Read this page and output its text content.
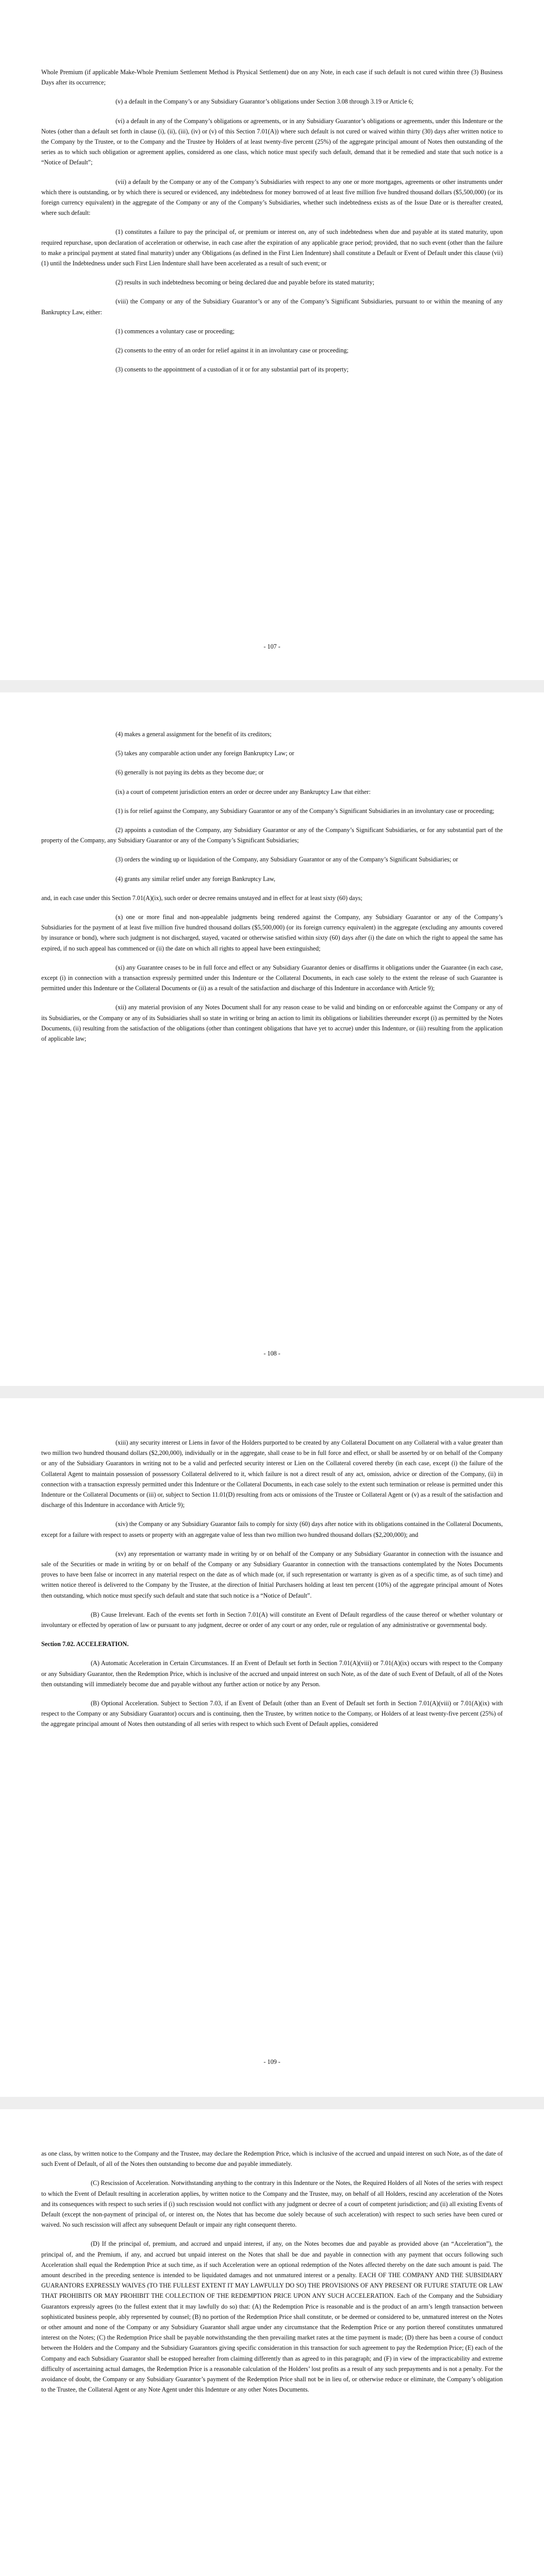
Whole Premium (if applicable Make-Whole Premium Settlement Method is Physical Settlement) due on any Note, in each case if such default is not cured within three (3) Business Days after its occurrence;

(v) a default in the Company’s or any Subsidiary Guarantor’s obligations under Section 3.08 through 3.19 or Article 6;

(vi) a default in any of the Company’s obligations or agreements, or in any Subsidiary Guarantor’s obligations or agreements, under this Indenture or the Notes (other than a default set forth in clause (i), (ii), (iii), (iv) or (v) of this Section 7.01(A)) where such default is not cured or waived within thirty (30) days after written notice to the Company by the Trustee, or to the Company and the Trustee by Holders of at least twenty-five percent (25%) of the aggregate principal amount of Notes then outstanding of the series as to which such obligation or agreement applies, considered as one class, which notice must specify such default, demand that it be remedied and state that such notice is a “Notice of Default”;

(vii) a default by the Company or any of the Company’s Subsidiaries with respect to any one or more mortgages, agreements or other instruments under which there is outstanding, or by which there is secured or evidenced, any indebtedness for money borrowed of at least five million five hundred thousand dollars ($5,500,000) (or its foreign currency equivalent) in the aggregate of the Company or any of the Company’s Subsidiaries, whether such indebtedness exists as of the Issue Date or is thereafter created, where such default:

(1) constitutes a failure to pay the principal of, or premium or interest on, any of such indebtedness when due and payable at its stated maturity, upon required repurchase, upon declaration of acceleration or otherwise, in each case after the expiration of any applicable grace period; provided, that no such event (other than the failure to make a principal payment at stated final maturity) under any Obligations (as defined in the First Lien Indenture) shall constitute a Default or Event of Default under this clause (vii)(1) until the Indebtedness under such First Lien Indenture shall have been accelerated as a result of such event; or

(2) results in such indebtedness becoming or being declared due and payable before its stated maturity;

(viii) the Company or any of the Subsidiary Guarantor’s or any of the Company’s Significant Subsidiaries, pursuant to or within the meaning of any Bankruptcy Law, either:

(1) commences a voluntary case or proceeding;

(2) consents to the entry of an order for relief against it in an involuntary case or proceeding;

(3) consents to the appointment of a custodian of it or for any substantial part of its property;

- 107 -

(4) makes a general assignment for the benefit of its creditors;

(5) takes any comparable action under any foreign Bankruptcy Law; or

(6) generally is not paying its debts as they become due; or

(ix) a court of competent jurisdiction enters an order or decree under any Bankruptcy Law that either:

(1) is for relief against the Company, any Subsidiary Guarantor or any of the Company’s Significant Subsidiaries in an involuntary case or proceeding;

(2) appoints a custodian of the Company, any Subsidiary Guarantor or any of the Company’s Significant Subsidiaries, or for any substantial part of the property of the Company, any Subsidiary Guarantor or any of the Company’s Significant Subsidiaries;

(3) orders the winding up or liquidation of the Company, any Subsidiary Guarantor or any of the Company’s Significant Subsidiaries; or

(4) grants any similar relief under any foreign Bankruptcy Law,

and, in each case under this Section 7.01(A)(ix), such order or decree remains unstayed and in effect for at least sixty (60) days;

(x) one or more final and non-appealable judgments being rendered against the Company, any Subsidiary Guarantor or any of the Company’s Subsidiaries for the payment of at least five million five hundred thousand dollars ($5,500,000) (or its foreign currency equivalent) in the aggregate (excluding any amounts covered by insurance or bond), where such judgment is not discharged, stayed, vacated or otherwise satisfied within sixty (60) days after (i) the date on which the right to appeal the same has expired, if no such appeal has commenced or (ii) the date on which all rights to appeal have been extinguished;

(xi) any Guarantee ceases to be in full force and effect or any Subsidiary Guarantor denies or disaffirms it obligations under the Guarantee (in each case, except (i) in connection with a transaction expressly permitted under this Indenture or the Collateral Documents, in each case solely to the extent the release of such Guarantee is permitted under this Indenture or the Collateral Documents or (ii) as a result of the satisfaction and discharge of this Indenture in accordance with Article 9);

(xii) any material provision of any Notes Document shall for any reason cease to be valid and binding on or enforceable against the Company or any of its Subsidiaries, or the Company or any of its Subsidiaries shall so state in writing or bring an action to limit its obligations or liabilities thereunder except (i) as permitted by the Notes Documents, (ii) resulting from the satisfaction of the obligations (other than contingent obligations that have yet to accrue) under this Indenture, or (iii) resulting from the application of applicable law;

- 108 -

(xiii) any security interest or Liens in favor of the Holders purported to be created by any Collateral Document on any Collateral with a value greater than two million two hundred thousand dollars ($2,200,000), individually or in the aggregate, shall cease to be in full force and effect, or shall be asserted by or on behalf of the Company or any of the Subsidiary Guarantors in writing not to be a valid and perfected security interest or Lien on the Collateral covered thereby (in each case, except (i) the failure of the Collateral Agent to maintain possession of possessory Collateral delivered to it, which failure is not a direct result of any act, omission, advice or direction of the Company, (ii) in connection with a transaction expressly permitted under this Indenture or the Collateral Documents, in each case solely to the extent such termination or release is permitted under this Indenture or the Collateral Documents or (iii) or, subject to Section 11.01(D) resulting from acts or omissions of the Trustee or Collateral Agent or (v) as a result of the satisfaction and discharge of this Indenture in accordance with Article 9);

(xiv) the Company or any Subsidiary Guarantor fails to comply for sixty (60) days after notice with its obligations contained in the Collateral Documents, except for a failure with respect to assets or property with an aggregate value of less than two million two hundred thousand dollars ($2,200,000); and

(xv) any representation or warranty made in writing by or on behalf of the Company or any Subsidiary Guarantor in connection with the issuance and sale of the Securities or made in writing by or on behalf of the Company or any Subsidiary Guarantor in connection with the transactions contemplated by the Notes Documents proves to have been false or incorrect in any material respect on the date as of which made (or, if such representation or warranty is given as of a specific time, as of such time) and written notice thereof is delivered to the Company by the Trustee, at the direction of Initial Purchasers holding at least ten percent (10%) of the aggregate principal amount of Notes then outstanding, which notice must specify such default and state that such notice is a “Notice of Default”.

(B) Cause Irrelevant. Each of the events set forth in Section 7.01(A) will constitute an Event of Default regardless of the cause thereof or whether voluntary or involuntary or effected by operation of law or pursuant to any judgment, decree or order of any court or any order, rule or regulation of any administrative or governmental body.

Section 7.02. ACCELERATION.

(A) Automatic Acceleration in Certain Circumstances. If an Event of Default set forth in Section 7.01(A)(viii) or 7.01(A)(ix) occurs with respect to the Company or any Subsidiary Guarantor, then the Redemption Price, which is inclusive of the accrued and unpaid interest on such Note, as of the date of such Event of Default, of all of the Notes then outstanding will immediately become due and payable without any further action or notice by any Person.

(B) Optional Acceleration. Subject to Section 7.03, if an Event of Default (other than an Event of Default set forth in Section 7.01(A)(viii) or 7.01(A)(ix) with respect to the Company or any Subsidiary Guarantor) occurs and is continuing, then the Trustee, by written notice to the Company, or Holders of at least twenty-five percent (25%) of the aggregate principal amount of Notes then outstanding of all series with respect to which such Event of Default applies, considered

- 109 -

as one class, by written notice to the Company and the Trustee, may declare the Redemption Price, which is inclusive of the accrued and unpaid interest on such Note, as of the date of such Event of Default, of all of the Notes then outstanding to become due and payable immediately.

(C) Rescission of Acceleration. Notwithstanding anything to the contrary in this Indenture or the Notes, the Required Holders of all Notes of the series with respect to which the Event of Default resulting in acceleration applies, by written notice to the Company and the Trustee, may, on behalf of all Holders, rescind any acceleration of the Notes and its consequences with respect to such series if (i) such rescission would not conflict with any judgment or decree of a court of competent jurisdiction; and (ii) all existing Events of Default (except the non-payment of principal of, or interest on, the Notes that has become due solely because of such acceleration) with respect to such series have been cured or waived. No such rescission will affect any subsequent Default or impair any right consequent thereto.

(D) If the principal of, premium, and accrued and unpaid interest, if any, on the Notes becomes due and payable as provided above (an “Acceleration”), the principal of, and the Premium, if any, and accrued but unpaid interest on the Notes that shall be due and payable in connection with any payment that occurs following such Acceleration shall equal the Redemption Price at such time, as if such Acceleration were an optional redemption of the Notes affected thereby on the date such amount is paid. The amount described in the preceding sentence is intended to be liquidated damages and not unmatured interest or a penalty. EACH OF THE COMPANY AND THE SUBSIDIARY GUARANTORS EXPRESSLY WAIVES (TO THE FULLEST EXTENT IT MAY LAWFULLY DO SO) THE PROVISIONS OF ANY PRESENT OR FUTURE STATUTE OR LAW THAT PROHIBITS OR MAY PROHIBIT THE COLLECTION OF THE REDEMPTION PRICE UPON ANY SUCH ACCELERATION. Each of the Company and the Subsidiary Guarantors expressly agrees (to the fullest extent that it may lawfully do so) that: (A) the Redemption Price is reasonable and is the product of an arm’s length transaction between sophisticated business people, ably represented by counsel; (B) no portion of the Redemption Price shall constitute, or be deemed or considered to be, unmatured interest on the Notes or other amount and none of the Company or any Subsidiary Guarantor shall argue under any circumstance that the Redemption Price or any portion thereof constitutes unmatured interest on the Notes; (C) the Redemption Price shall be payable notwithstanding the then prevailing market rates at the time payment is made; (D) there has been a course of conduct between the Holders and the Company and the Subsidiary Guarantors giving specific consideration in this transaction for such agreement to pay the Redemption Price; (E) each of the Company and each Subsidiary Guarantor shall be estopped hereafter from claiming differently than as agreed to in this paragraph; and (F) in view of the impracticability and extreme difficulty of ascertaining actual damages, the Redemption Price is a reasonable calculation of the Holders’ lost profits as a result of any such prepayments and is not a penalty. For the avoidance of doubt, the Company or any Subsidiary Guarantor’s payment of the Redemption Price shall not be in lieu of, or otherwise reduce or eliminate, the Company’s obligation to the Trustee, the Collateral Agent or any Note Agent under this Indenture or any other Notes Documents.
